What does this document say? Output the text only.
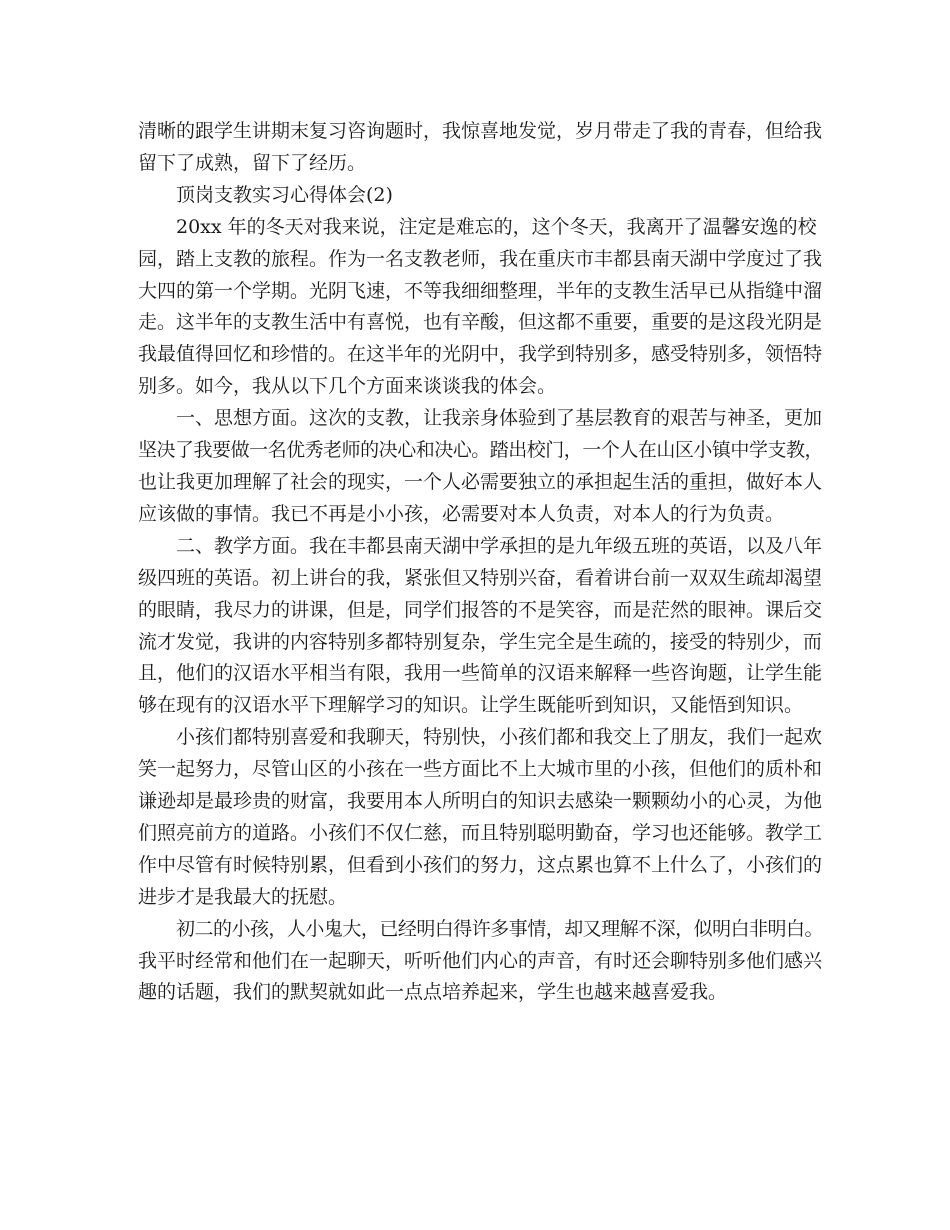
清晰的跟学生讲期末复习咨询题时，我惊喜地发觉，岁月带走了我的青春，但给我
留下了成熟，留下了经历。
顶岗支教实习心得体会(2)
20xx 年的冬天对我来说，注定是难忘的，这个冬天，我离开了温馨安逸的校
园，踏上支教的旅程。作为一名支教老师，我在重庆市丰都县南天湖中学度过了我
大四的第一个学期。光阴飞速，不等我细细整理，半年的支教生活早已从指缝中溜
走。这半年的支教生活中有喜悦，也有辛酸，但这都不重要，重要的是这段光阴是
我最值得回忆和珍惜的。在这半年的光阴中，我学到特别多，感受特别多，领悟特
别多。如今，我从以下几个方面来谈谈我的体会。
一、思想方面。这次的支教，让我亲身体验到了基层教育的艰苦与神圣，更加
坚决了我要做一名优秀老师的决心和决心。踏出校门，一个人在山区小镇中学支教，
也让我更加理解了社会的现实，一个人必需要独立的承担起生活的重担，做好本人
应该做的事情。我已不再是小小孩，必需要对本人负责，对本人的行为负责。
二、教学方面。我在丰都县南天湖中学承担的是九年级五班的英语，以及八年
级四班的英语。初上讲台的我，紧张但又特别兴奋，看着讲台前一双双生疏却渴望
的眼睛，我尽力的讲课，但是，同学们报答的不是笑容，而是茫然的眼神。课后交
流才发觉，我讲的内容特别多都特别复杂，学生完全是生疏的，接受的特别少，而
且，他们的汉语水平相当有限，我用一些简单的汉语来解释一些咨询题，让学生能
够在现有的汉语水平下理解学习的知识。让学生既能听到知识，又能悟到知识。
小孩们都特别喜爱和我聊天，特别快，小孩们都和我交上了朋友，我们一起欢
笑一起努力，尽管山区的小孩在一些方面比不上大城市里的小孩，但他们的质朴和
谦逊却是最珍贵的财富，我要用本人所明白的知识去感染一颗颗幼小的心灵，为他
们照亮前方的道路。小孩们不仅仁慈，而且特别聪明勤奋，学习也还能够。教学工
作中尽管有时候特别累，但看到小孩们的努力，这点累也算不上什么了，小孩们的
进步才是我最大的抚慰。
初二的小孩，人小鬼大，已经明白得许多事情，却又理解不深，似明白非明白。
我平时经常和他们在一起聊天，听听他们内心的声音，有时还会聊特别多他们感兴
趣的话题，我们的默契就如此一点点培养起来，学生也越来越喜爱我。
